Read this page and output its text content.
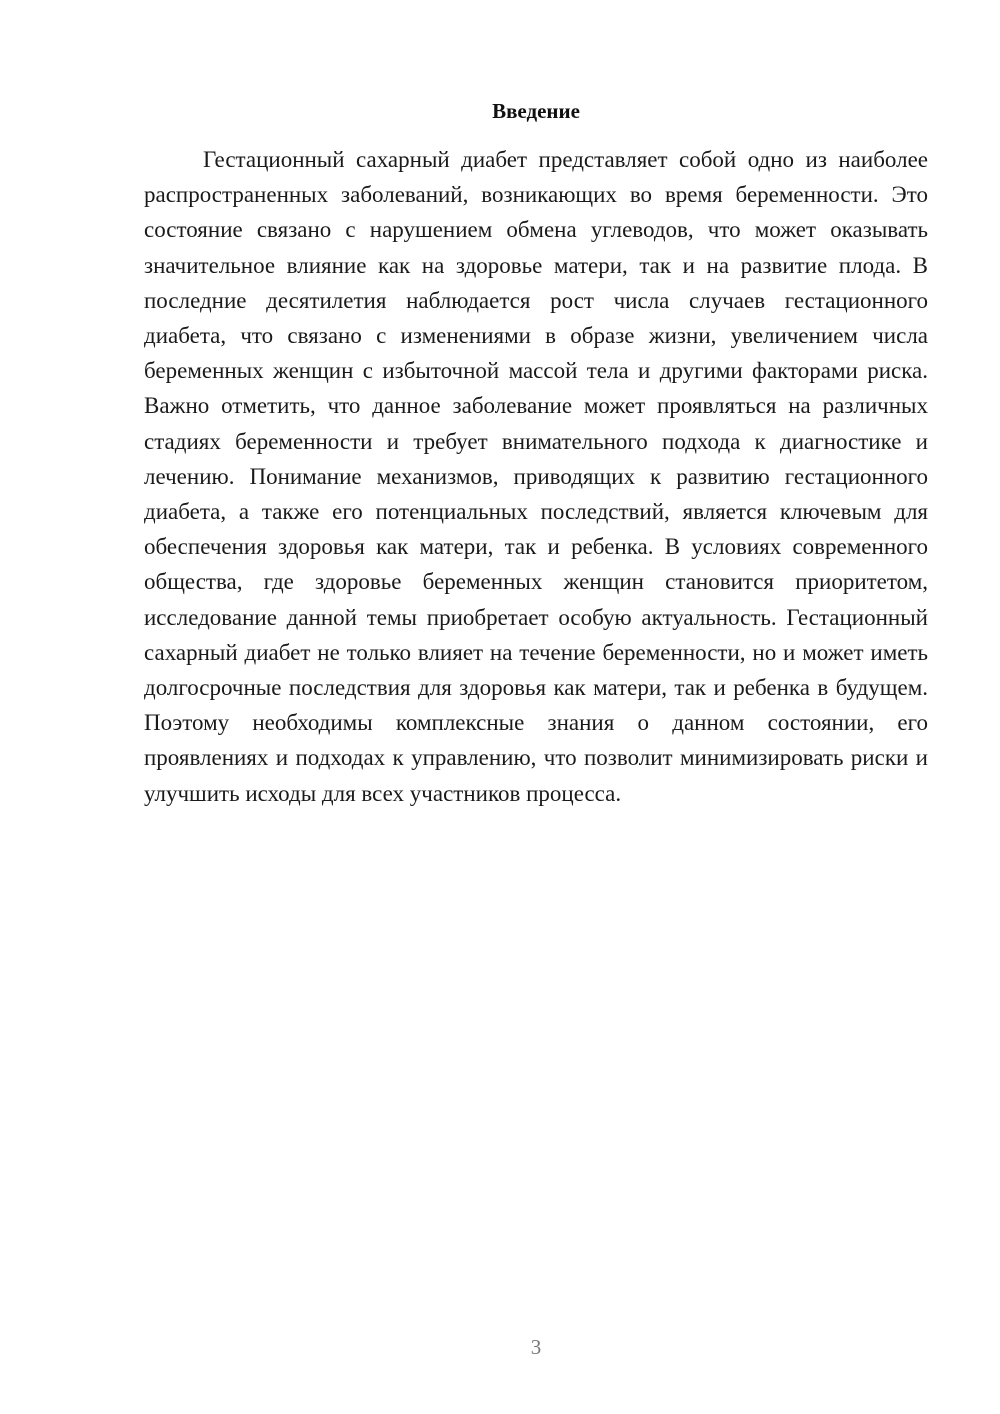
Введение

Гестационный сахарный диабет представляет собой одно из наиболее распространенных заболеваний, возникающих во время беременности. Это состояние связано с нарушением обмена углеводов, что может оказывать значительное влияние как на здоровье матери, так и на развитие плода. В последние десятилетия наблюдается рост числа случаев гестационного диабета, что связано с изменениями в образе жизни, увеличением числа беременных женщин с избыточной массой тела и другими факторами риска. Важно отметить, что данное заболевание может проявляться на различных стадиях беременности и требует внимательного подхода к диагностике и лечению. Понимание механизмов, приводящих к развитию гестационного диабета, а также его потенциальных последствий, является ключевым для обеспечения здоровья как матери, так и ребенка. В условиях современного общества, где здоровье беременных женщин становится приоритетом, исследование данной темы приобретает особую актуальность. Гестационный сахарный диабет не только влияет на течение беременности, но и может иметь долгосрочные последствия для здоровья как матери, так и ребенка в будущем. Поэтому необходимы комплексные знания о данном состоянии, его проявлениях и подходах к управлению, что позволит минимизировать риски и улучшить исходы для всех участников процесса.

3
